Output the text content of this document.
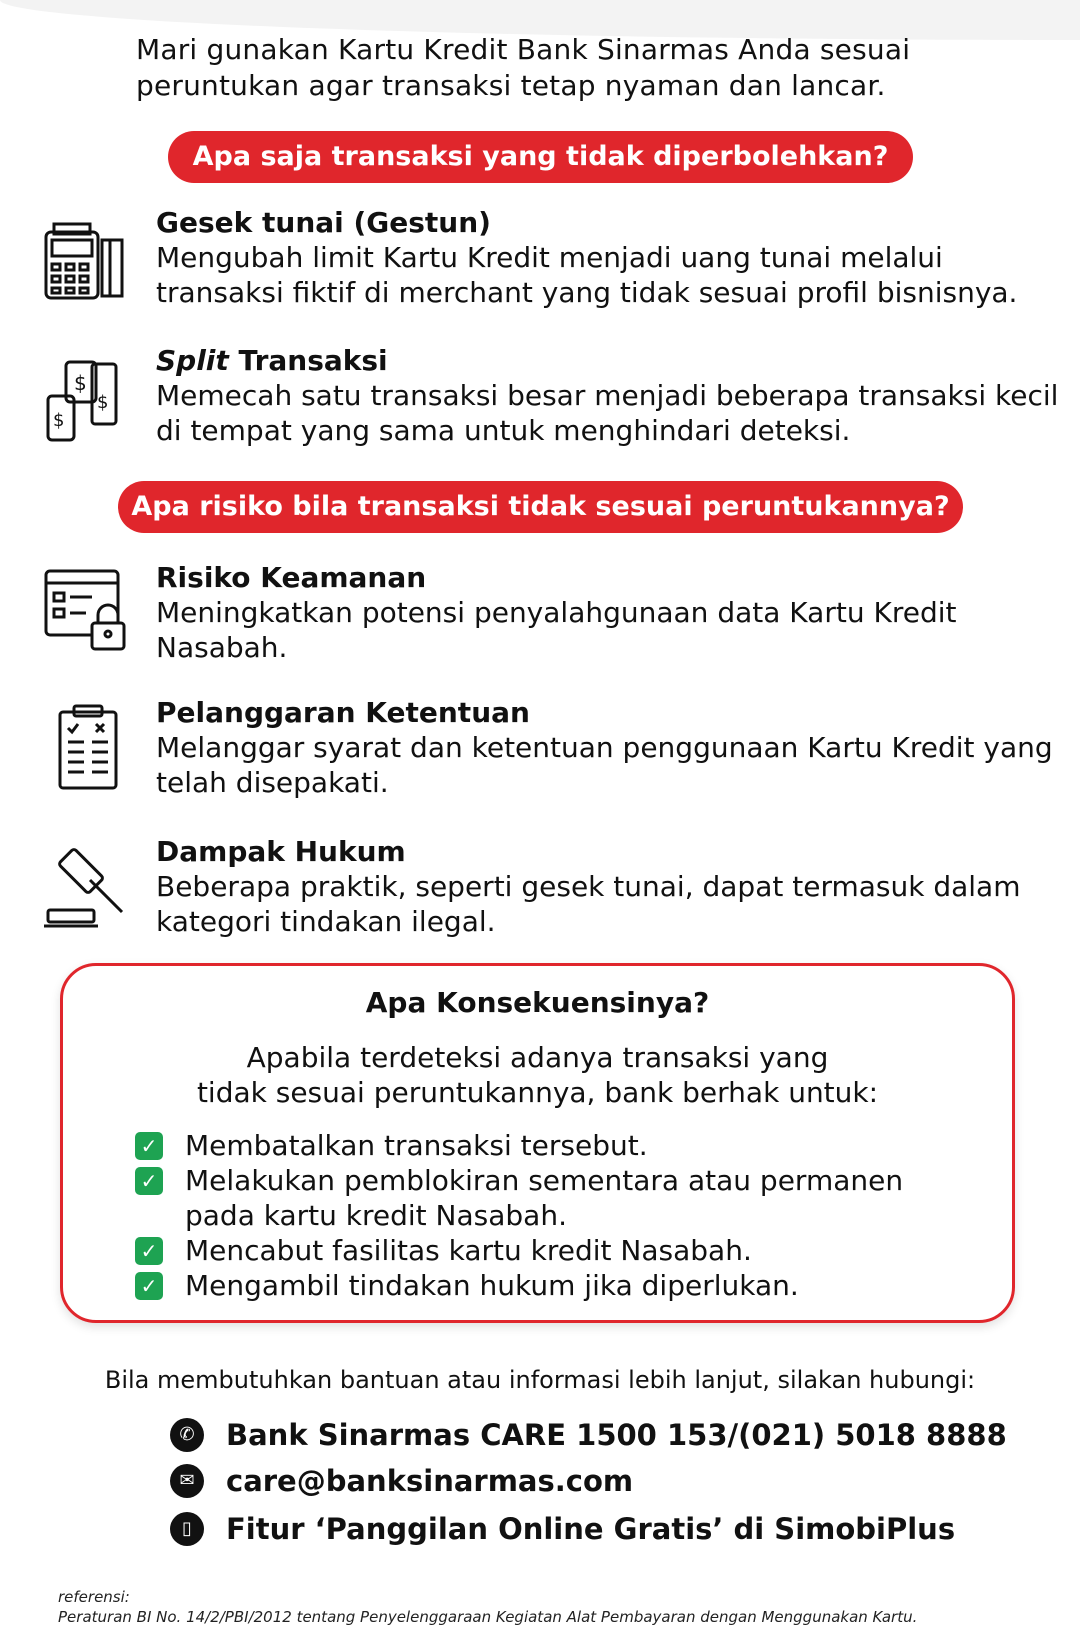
Mari gunakan Kartu Kredit Bank Sinarmas Anda sesuai peruntukan agar transaksi tetap nyaman dan lancar.
Apa saja transaksi yang tidak diperbolehkan?
Gesek tunai (Gestun)
Mengubah limit Kartu Kredit menjadi uang tunai melalui transaksi fiktif di merchant yang tidak sesuai profil bisnisnya.
$
$
$
Split Transaksi
Memecah satu transaksi besar menjadi beberapa transaksi kecil di tempat yang sama untuk menghindari deteksi.
Apa risiko bila transaksi tidak sesuai peruntukannya?
Risiko Keamanan
Meningkatkan potensi penyalahgunaan data Kartu Kredit Nasabah.
Pelanggaran Ketentuan
Melanggar syarat dan ketentuan penggunaan Kartu Kredit yang telah disepakati.
Dampak Hukum
Beberapa praktik, seperti gesek tunai, dapat termasuk dalam kategori tindakan ilegal.
Apa Konsekuensinya?
Apabila terdeteksi adanya transaksi yang
tidak sesuai peruntukannya, bank berhak untuk:
✓ Membatalkan transaksi tersebut.
✓ Melakukan pemblokiran sementara atau permanen pada kartu kredit Nasabah.
✓ Mencabut fasilitas kartu kredit Nasabah.
✓ Mengambil tindakan hukum jika diperlukan.
Bila membutuhkan bantuan atau informasi lebih lanjut, silakan hubungi:
✆	Bank Sinarmas CARE 1500 153/(021) 5018 8888
✉	care@banksinarmas.com
▯	Fitur ‘Panggilan Online Gratis’ di SimobiPlus
referensi:
Peraturan BI No. 14/2/PBI/2012 tentang Penyelenggaraan Kegiatan Alat Pembayaran dengan Menggunakan Kartu.
